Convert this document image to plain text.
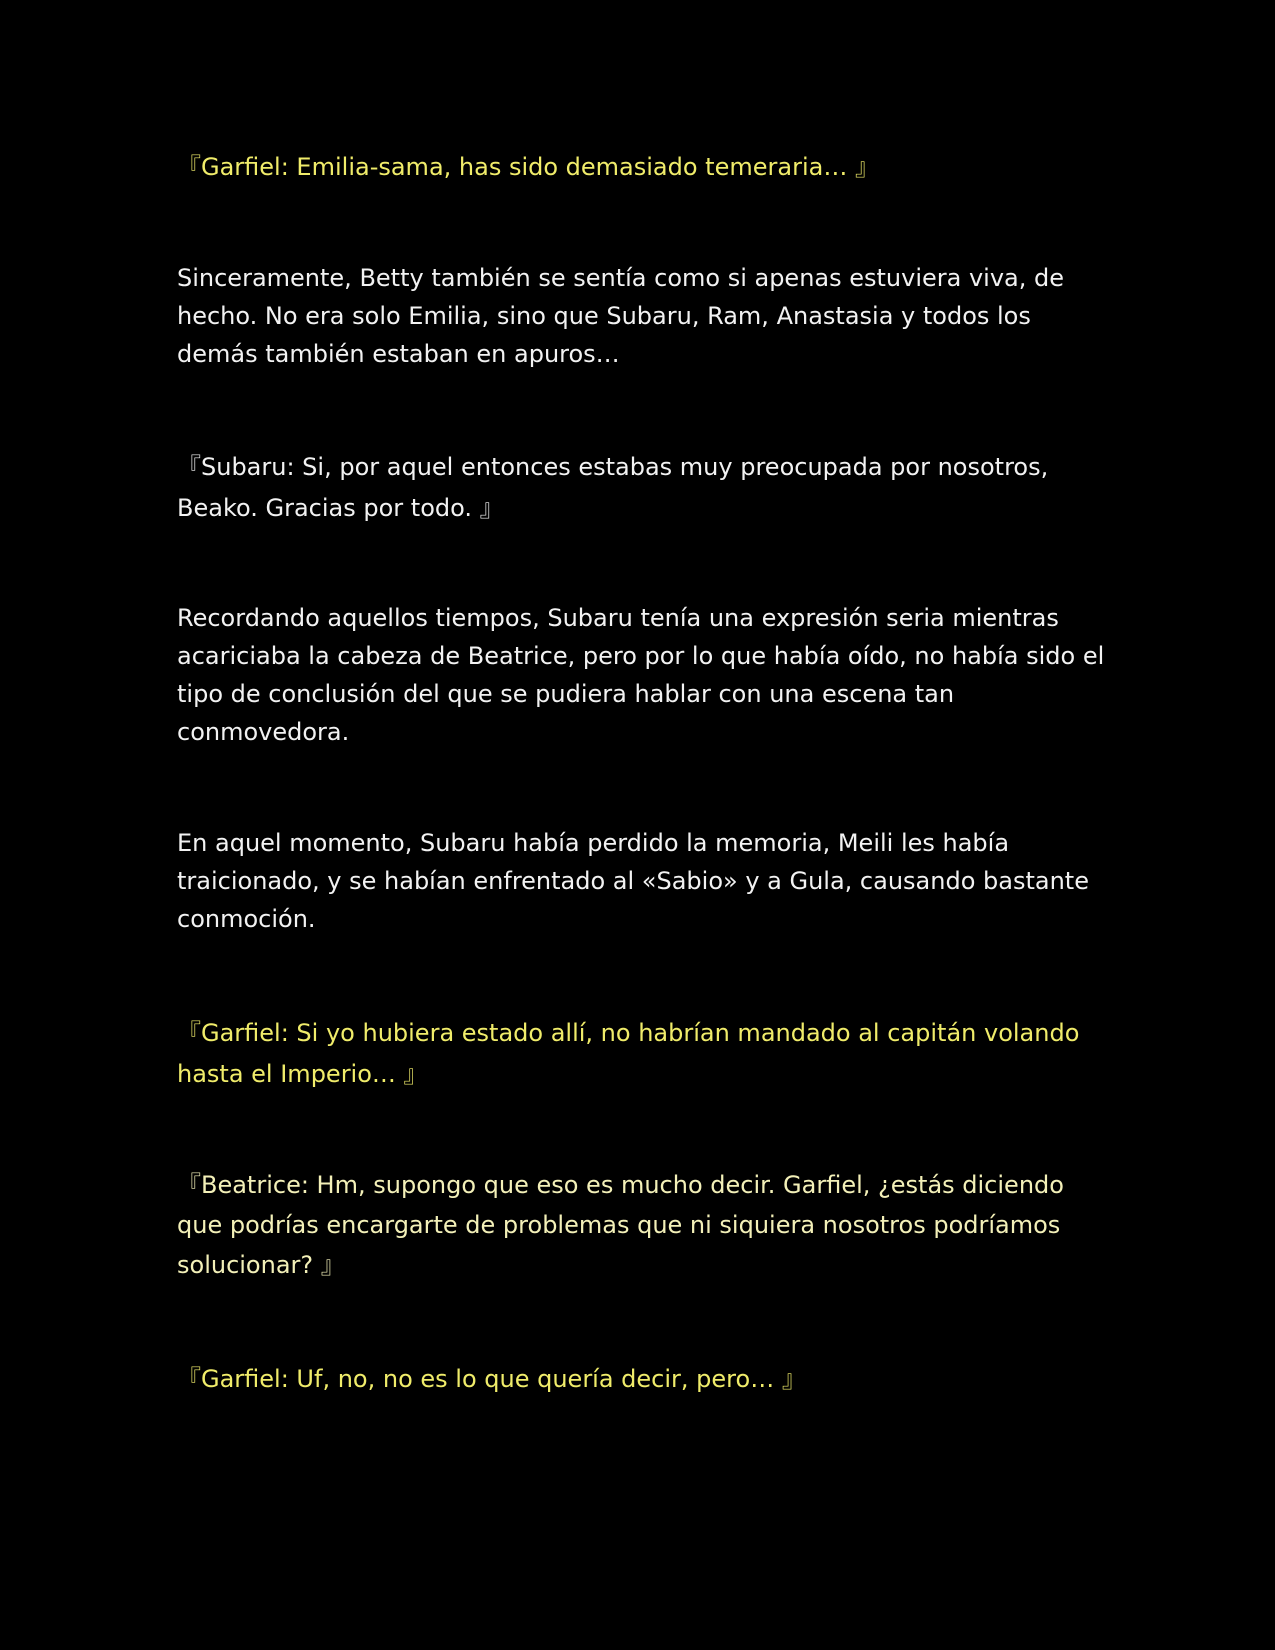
『Garfiel: Emilia-sama, has sido demasiado temeraria… 』

Sinceramente, Betty también se sentía como si apenas estuviera viva, de hecho. No era solo Emilia, sino que Subaru, Ram, Anastasia y todos los demás también estaban en apuros…

『Subaru: Si, por aquel entonces estabas muy preocupada por nosotros, Beako. Gracias por todo. 』

Recordando aquellos tiempos, Subaru tenía una expresión seria mientras acariciaba la cabeza de Beatrice, pero por lo que había oído, no había sido el tipo de conclusión del que se pudiera hablar con una escena tan conmovedora.

En aquel momento, Subaru había perdido la memoria, Meili les había traicionado, y se habían enfrentado al «Sabio» y a Gula, causando bastante conmoción.

『Garfiel: Si yo hubiera estado allí, no habrían mandado al capitán volando hasta el Imperio… 』

『Beatrice: Hm, supongo que eso es mucho decir. Garfiel, ¿estás diciendo que podrías encargarte de problemas que ni siquiera nosotros podríamos solucionar? 』

『Garfiel: Uf, no, no es lo que quería decir, pero… 』
